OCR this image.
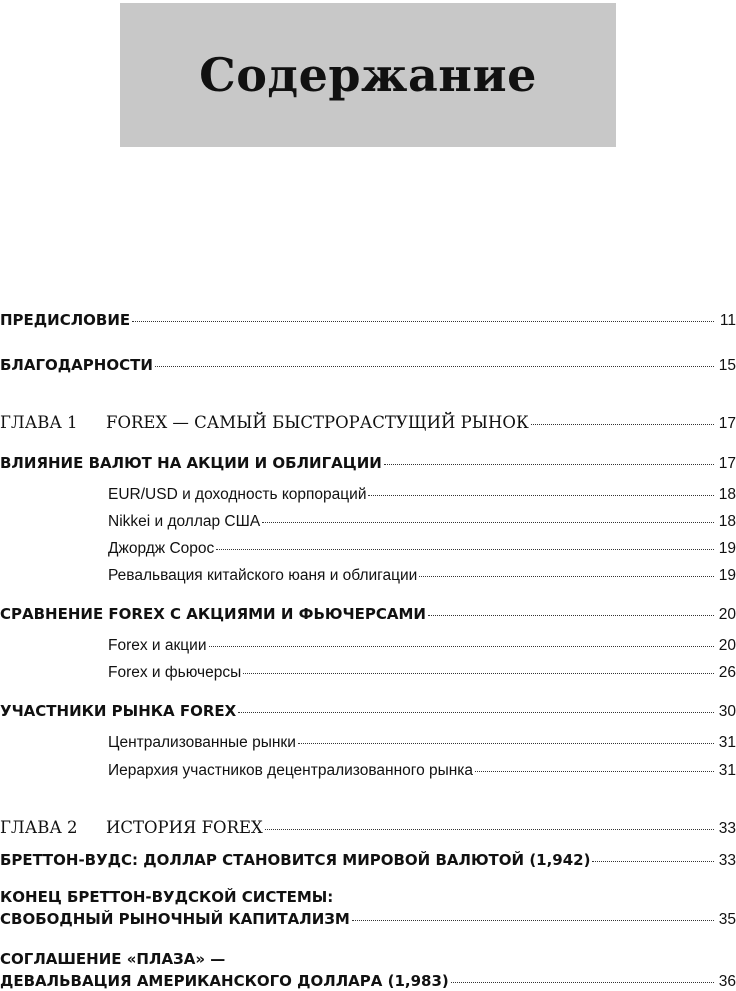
Содержание
ПРЕДИСЛОВИЕ	11
БЛАГОДАРНОСТИ	15
ГЛАВА 1 FOREX — САМЫЙ БЫСТРОРАСТУЩИЙ РЫНОК	17
ВЛИЯНИЕ ВАЛЮТ НА АКЦИИ И ОБЛИГАЦИИ	17
EUR/USD и доходность корпораций	18
Nikkei и доллар США	18
Джордж Сорос	19
Ревальвация китайского юаня и облигации	19
СРАВНЕНИЕ FOREX С АКЦИЯМИ И ФЬЮЧЕРСАМИ	20
Forex и акции	20
Forex и фьючерсы	26
УЧАСТНИКИ РЫНКА FOREX	30
Централизованные рынки	31
Иерархия участников децентрализованного рынка	31
ГЛАВА 2 ИСТОРИЯ FOREX	33
БРЕТТОН-ВУДС: ДОЛЛАР СТАНОВИТСЯ МИРОВОЙ ВАЛЮТОЙ (1,942)	33
КОНЕЦ БРЕТТОН-ВУДСКОЙ СИСТЕМЫ:
СВОБОДНЫЙ РЫНОЧНЫЙ КАПИТАЛИЗМ	35
СОГЛАШЕНИЕ «ПЛАЗА» —
ДЕВАЛЬВАЦИЯ АМЕРИКАНСКОГО ДОЛЛАРА (1,983)	36
